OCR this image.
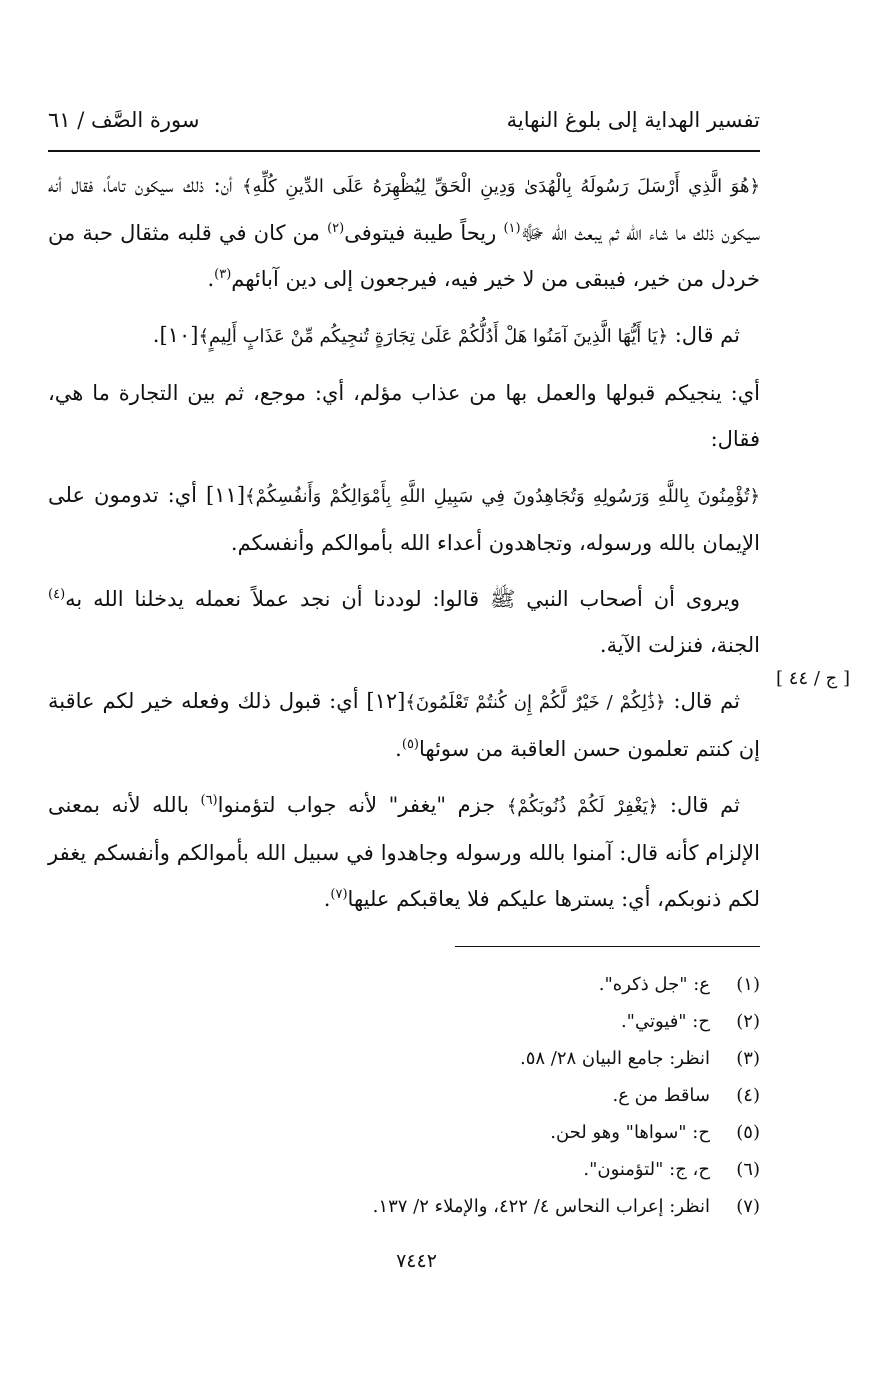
تفسير الهداية إلى بلوغ النهاية
سورة الصَّف / ٦١
[ ج / ٤٤ ]

﴿هُوَ الَّذِي أَرْسَلَ رَسُولَهُ بِالْهُدَىٰ وَدِينِ الْحَقِّ لِيُظْهِرَهُ عَلَى الدِّينِ كُلِّهِ﴾ أن: ذلك سيكون تاماً، فقال أنه سيكون ذلك ما شاء الله ثم يبعث الله ﷻ$^{(١)}$ ريحاً طيبة فيتوفى$^{(٢)}$ من كان في قلبه مثقال حبة من خردل من خير، فيبقى من لا خير فيه، فيرجعون إلى دين آبائهم$^{(٣)}$.

ثم قال: ﴿يَا أَيُّهَا الَّذِينَ آمَنُوا هَلْ أَدُلُّكُمْ عَلَىٰ تِجَارَةٍ تُنجِيكُم مِّنْ عَذَابٍ أَلِيمٍ﴾[١٠].

أي: ينجيكم قبولها والعمل بها من عذاب مؤلم، أي: موجع، ثم بين التجارة ما هي، فقال:

﴿تُؤْمِنُونَ بِاللَّهِ وَرَسُولِهِ وَتُجَاهِدُونَ فِي سَبِيلِ اللَّهِ بِأَمْوَالِكُمْ وَأَنفُسِكُمْ﴾[١١] أي: تدومون على الإيمان بالله ورسوله، وتجاهدون أعداء الله بأموالكم وأنفسكم.

ويروى أن أصحاب النبي ﷺ قالوا: لوددنا أن نجد عملاً نعمله يدخلنا الله به$^{(٤)}$ الجنة، فنزلت الآية.

ثم قال: ﴿ذَٰلِكُمْ / خَيْرٌ لَّكُمْ إِن كُنتُمْ تَعْلَمُونَ﴾[١٢] أي: قبول ذلك وفعله خير لكم عاقبة إن كنتم تعلمون حسن العاقبة من سوئها$^{(٥)}$.

ثم قال: ﴿يَغْفِرْ لَكُمْ ذُنُوبَكُمْ﴾ جزم "يغفر" لأنه جواب لتؤمنوا$^{(٦)}$ بالله لأنه بمعنى الإلزام كأنه قال: آمنوا بالله ورسوله وجاهدوا في سبيل الله بأموالكم وأنفسكم يغفر لكم ذنوبكم، أي: يسترها عليكم فلا يعاقبكم عليها$^{(٧)}$.

(١)
ع: "جل ذكره".
(٢)
ح: "فيوتي".
(٣)
انظر: جامع البيان ٢٨/ ٥٨.
(٤)
ساقط من ع.
(٥)
ح: "سواها" وهو لحن.
(٦)
ح، ج: "لتؤمنون".
(٧)
انظر: إعراب النحاس ٤/ ٤٢٢، والإملاء ٢/ ١٣٧.
٧٤٤٢
